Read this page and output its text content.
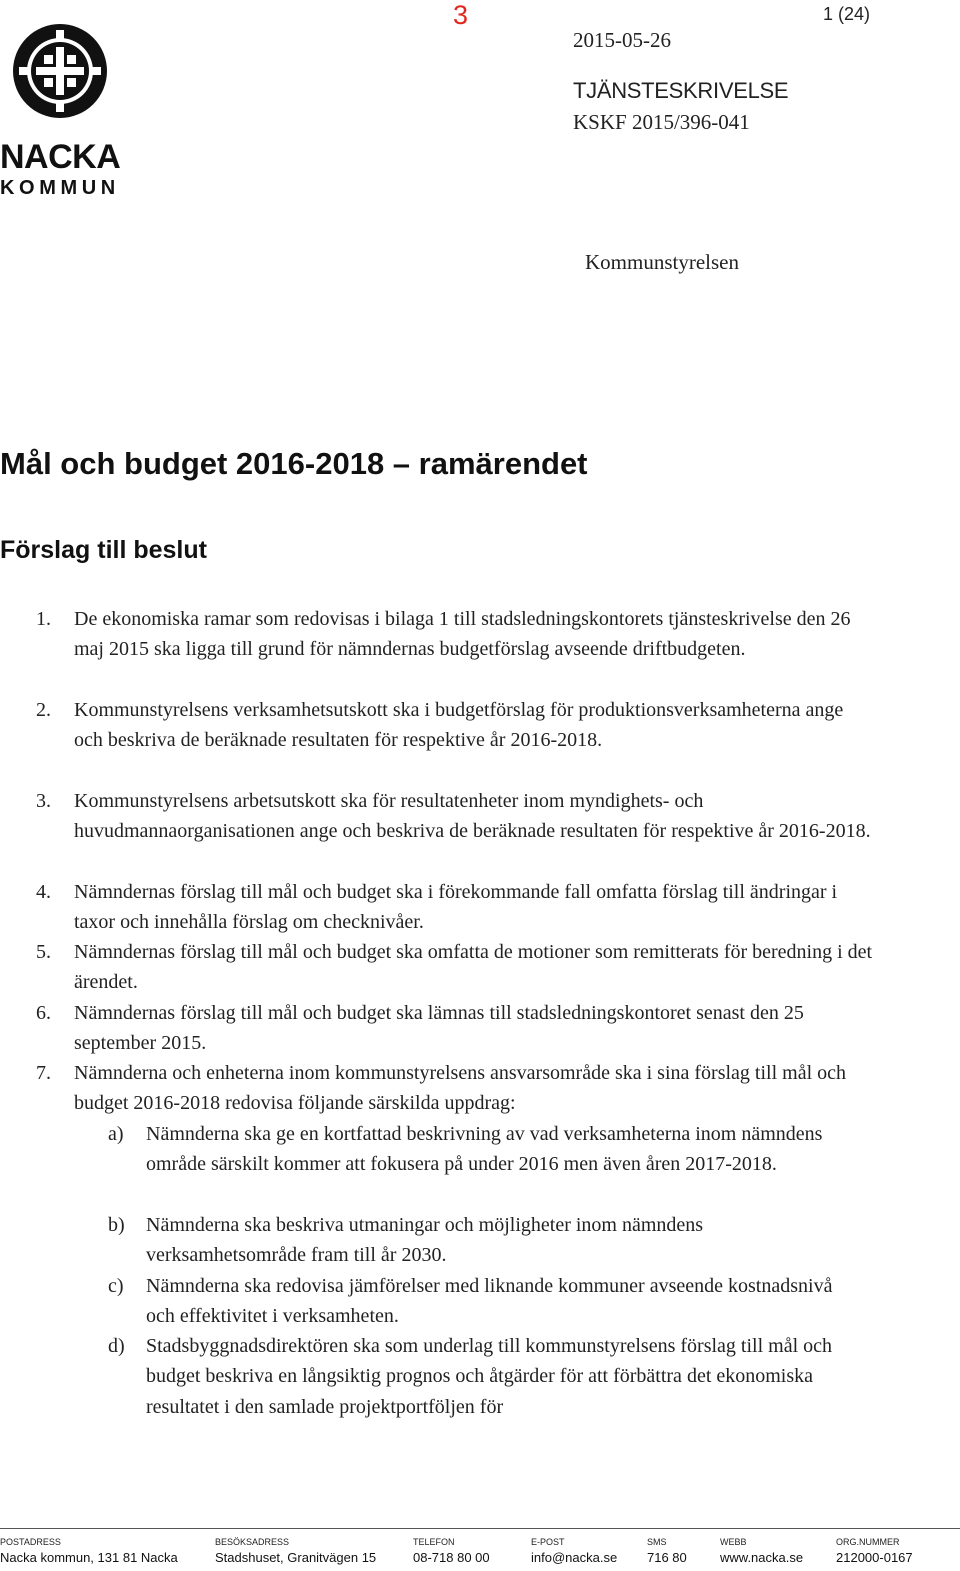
NACKA
KOMMUN
3	1 (24)
2015-05-26
TJÄNSTESKRIVELSE
KSKF 2015/396-041
Kommunstyrelsen
Mål och budget 2016-2018 – ramärendet
Förslag till beslut
1. De ekonomiska ramar som redovisas i bilaga 1 till stadsledningskontorets tjänsteskrivelse den 26 maj 2015 ska ligga till grund för nämndernas budgetförslag avseende driftbudgeten.
2. Kommunstyrelsens verksamhetsutskott ska i budgetförslag för produktionsverksamheterna ange och beskriva de beräknade resultaten för respektive år 2016-2018.
3. Kommunstyrelsens arbetsutskott ska för resultatenheter inom myndighets- och huvudmannaorganisationen ange och beskriva de beräknade resultaten för respektive år 2016-2018.
4. Nämndernas förslag till mål och budget ska i förekommande fall omfatta förslag till ändringar i taxor och innehålla förslag om checknivåer.
5. Nämndernas förslag till mål och budget ska omfatta de motioner som remitterats för beredning i det ärendet.
6. Nämndernas förslag till mål och budget ska lämnas till stadsledningskontoret senast den 25 september 2015.
7. Nämnderna och enheterna inom kommunstyrelsens ansvarsområde ska i sina förslag till mål och budget 2016-2018 redovisa följande särskilda uppdrag:
a) Nämnderna ska ge en kortfattad beskrivning av vad verksamheterna inom nämndens område särskilt kommer att fokusera på under 2016 men även åren 2017-2018.
b) Nämnderna ska beskriva utmaningar och möjligheter inom nämndens verksamhetsområde fram till år 2030.
c) Nämnderna ska redovisa jämförelser med liknande kommuner avseende kostnadsnivå och effektivitet i verksamheten.
d) Stadsbyggnadsdirektören ska som underlag till kommunstyrelsens förslag till mål och budget beskriva en långsiktig prognos och åtgärder för att förbättra det ekonomiska resultatet i den samlade projektportföljen för
POSTADRESS
Nacka kommun, 131 81 Nacka
BESÖKSADRESS
Stadshuset, Granitvägen 15
TELEFON
08-718 80 00
E-POST
info@nacka.se
SMS
716 80
WEBB
www.nacka.se
ORG.NUMMER
212000-0167
